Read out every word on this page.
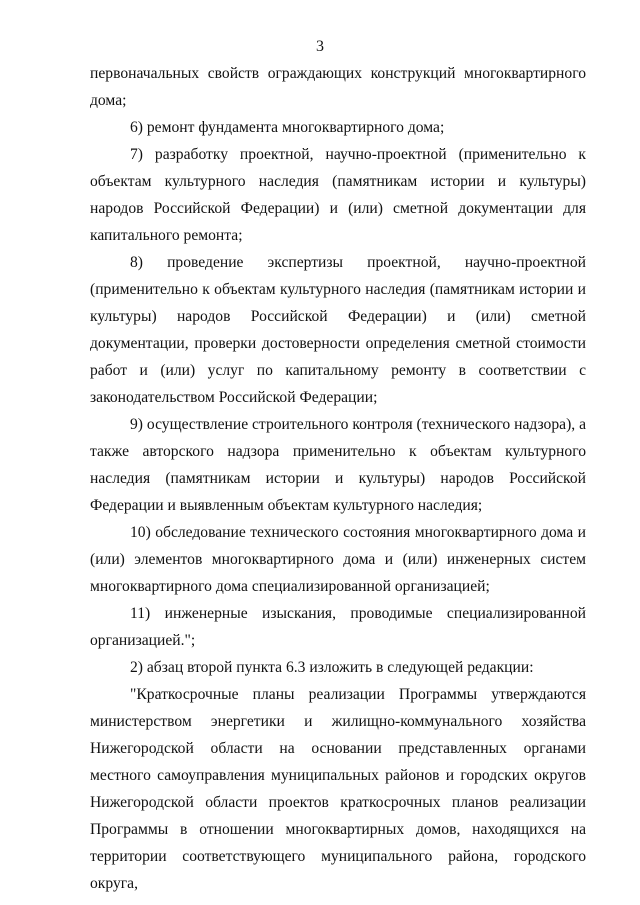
3

первоначальных свойств ограждающих конструкций многоквартирного дома;

6) ремонт фундамента многоквартирного дома;

7) разработку проектной, научно-проектной (применительно к объектам культурного наследия (памятникам истории и культуры) народов Российской Федерации) и (или) сметной документации для капитального ремонта;

8) проведение экспертизы проектной, научно-проектной (применительно к объектам культурного наследия (памятникам истории и культуры) народов Российской Федерации) и (или) сметной документации, проверки достоверности определения сметной стоимости работ и (или) услуг по капитальному ремонту в соответствии с законодательством Российской Федерации;

9) осуществление строительного контроля (технического надзора), а также авторского надзора применительно к объектам культурного наследия (памятникам истории и культуры) народов Российской Федерации и выявленным объектам культурного наследия;

10) обследование технического состояния многоквартирного дома и (или) элементов многоквартирного дома и (или) инженерных систем многоквартирного дома специализированной организацией;

11) инженерные изыскания, проводимые специализированной организацией.";

2) абзац второй пункта 6.3 изложить в следующей редакции:

"Краткосрочные планы реализации Программы утверждаются министерством энергетики и жилищно-коммунального хозяйства Нижегородской области на основании представленных органами местного самоуправления муниципальных районов и городских округов Нижегородской области проектов краткосрочных планов реализации Программы в отношении многоквартирных домов, находящихся на территории соответствующего муниципального района, городского округа,
